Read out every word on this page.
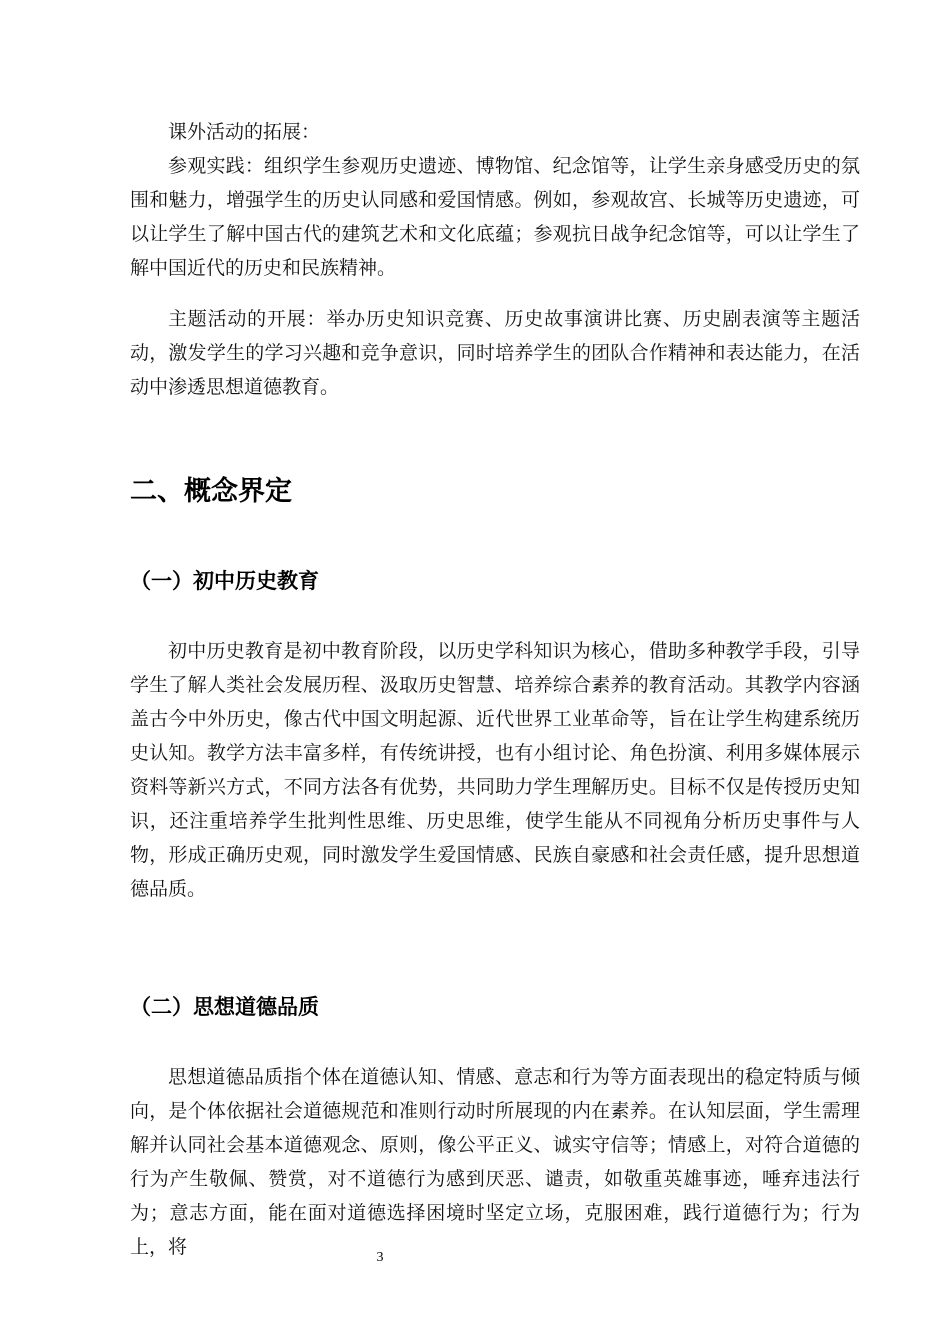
课外活动的拓展：

参观实践：组织学生参观历史遗迹、博物馆、纪念馆等，让学生亲身感受历史的氛围和魅力，增强学生的历史认同感和爱国情感。例如，参观故宫、长城等历史遗迹，可以让学生了解中国古代的建筑艺术和文化底蕴；参观抗日战争纪念馆等，可以让学生了解中国近代的历史和民族精神。

主题活动的开展：举办历史知识竞赛、历史故事演讲比赛、历史剧表演等主题活动，激发学生的学习兴趣和竞争意识，同时培养学生的团队合作精神和表达能力，在活动中渗透思想道德教育。

二、概念界定
（一）初中历史教育

初中历史教育是初中教育阶段，以历史学科知识为核心，借助多种教学手段，引导学生了解人类社会发展历程、汲取历史智慧、培养综合素养的教育活动。其教学内容涵盖古今中外历史，像古代中国文明起源、近代世界工业革命等，旨在让学生构建系统历史认知。教学方法丰富多样，有传统讲授，也有小组讨论、角色扮演、利用多媒体展示资料等新兴方式，不同方法各有优势，共同助力学生理解历史。目标不仅是传授历史知识，还注重培养学生批判性思维、历史思维，使学生能从不同视角分析历史事件与人物，形成正确历史观，同时激发学生爱国情感、民族自豪感和社会责任感，提升思想道德品质。

（二）思想道德品质

思想道德品质指个体在道德认知、情感、意志和行为等方面表现出的稳定特质与倾向，是个体依据社会道德规范和准则行动时所展现的内在素养。在认知层面，学生需理解并认同社会基本道德观念、原则，像公平正义、诚实守信等；情感上，对符合道德的行为产生敬佩、赞赏，对不道德行为感到厌恶、谴责，如敬重英雄事迹，唾弃违法行为；意志方面，能在面对道德选择困境时坚定立场，克服困难，践行道德行为；行为上，将	3
